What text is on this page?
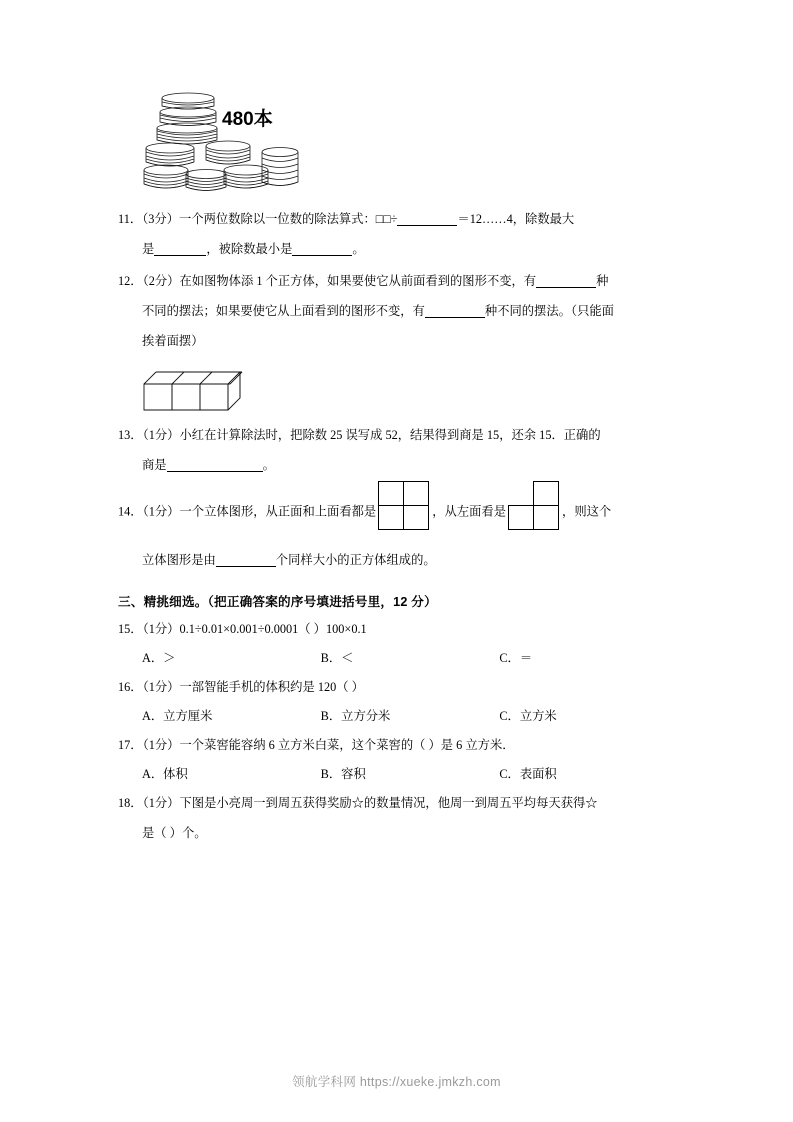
480本
11．（3分）一个两位数除以一位数的除法算式：□□÷	＝12……4，除数最大
是	，被除数最小是	。
12．（2分）在如图物体添 1 个正方体，如果要使它从前面看到的图形不变，有	种
不同的摆法；如果要使它从上面看到的图形不变，有	种不同的摆法。（只能面
挨着面摆）
13．（1分）小红在计算除法时，把除数 25 误写成 52，结果得到商是 15，还余 15．正确的
商是	。
14．（1分）一个立体图形，从正面和上面看都是	，从左面看是	，则这个
立体图形是由	个同样大小的正方体组成的。
三、精挑细选。（把正确答案的序号填进括号里，12 分）
15．（1分）0.1÷0.01×0.001÷0.0001（ ）100×0.1
A．＞	B．＜	C．＝
16．（1分）一部智能手机的体积约是 120（ ）
A．立方厘米	B．立方分米	C．立方米
17．（1分）一个菜窖能容纳 6 立方米白菜，这个菜窖的（ ）是 6 立方米．
A．体积	B．容积	C．表面积
18．（1分）下图是小亮周一到周五获得奖励☆的数量情况，他周一到周五平均每天获得☆
是（ ）个。
领航学科网 https://xueke.jmkzh.com
